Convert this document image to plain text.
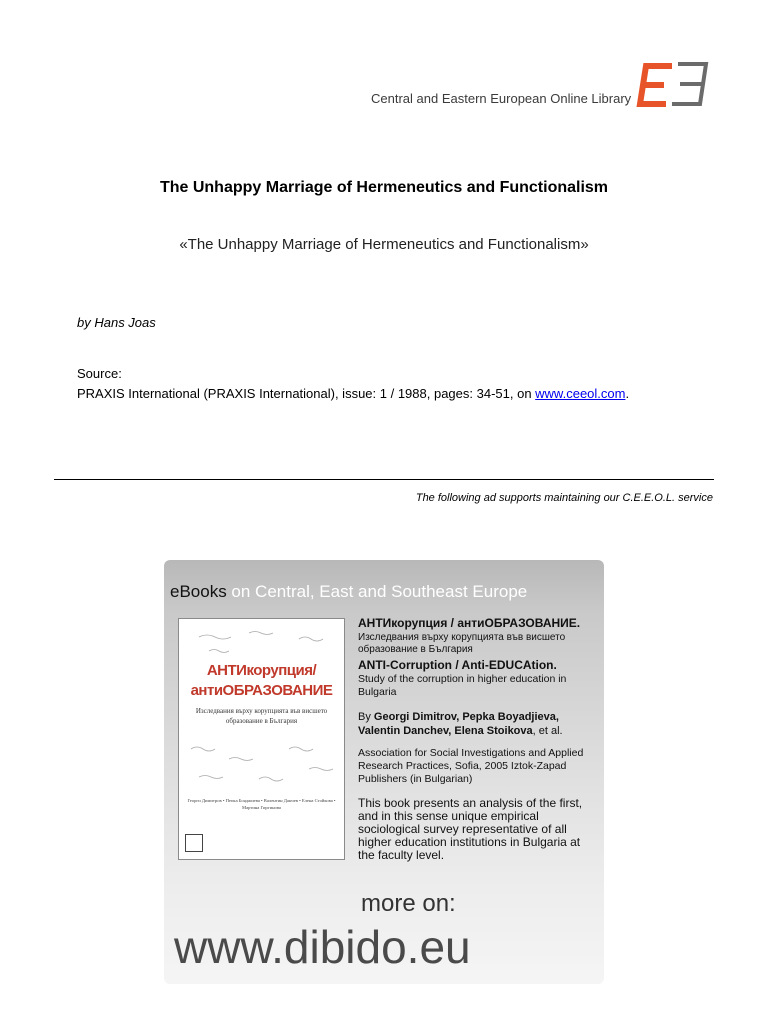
Central and Eastern European Online Library
The Unhappy Marriage of Hermeneutics and Functionalism
«The Unhappy Marriage of Hermeneutics and Functionalism»
by Hans Joas
Source:
PRAXIS International (PRAXIS International), issue: 1 / 1988, pages: 34-51, on www.ceeol.com.
The following ad supports maintaining our C.E.E.O.L. service
eBooks on Central, East and Southeast Europe
АНТИкорупция/
антиОБРАЗОВАНИЕ
Изследвания върху корупцията във висшето образование в България
Георги Димитров • Пепка Бояджиева • Валентин Данчев • Елена Стойкова • Мартина Гиргинова
АНТИкорупция / антиОБРАЗОВАНИЕ.
Изследвания върху корупцията във висшето образование в България
ANTI-Corruption / Anti-EDUCAtion.
Study of the corruption in higher education in Bulgaria
By Georgi Dimitrov, Pepka Boyadjieva, Valentin Danchev, Elena Stoikova, et al.
Association for Social Investigations and Applied Research Practices, Sofia, 2005 Iztok-Zapad Publishers (in Bulgarian)
This book presents an analysis of the first, and in this sense unique empirical sociological survey representative of all higher education institutions in Bulgaria at the faculty level.
more on:
www.dibido.eu
